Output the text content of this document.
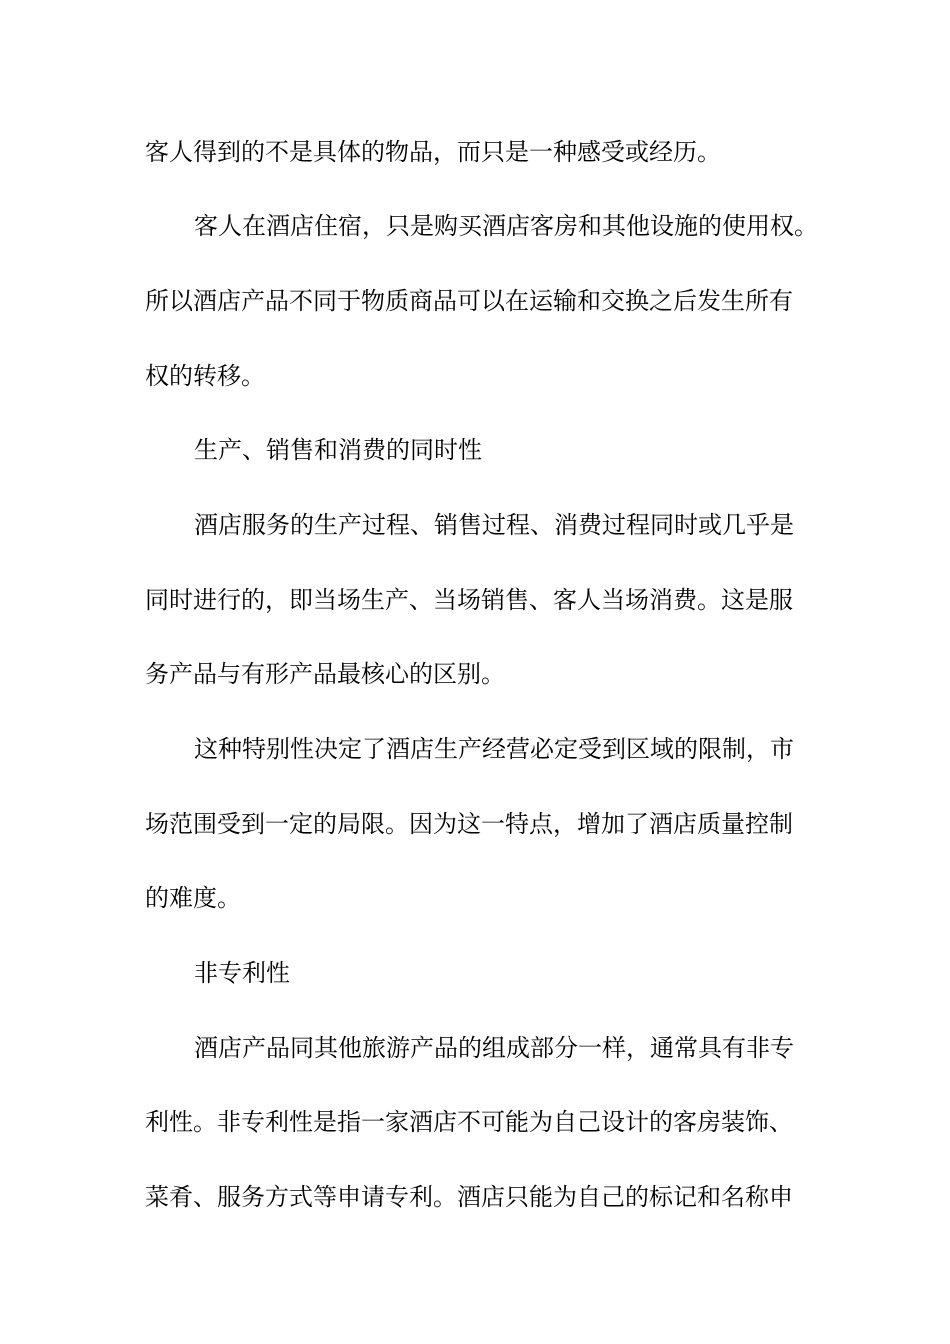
客人得到的不是具体的物品，而只是一种感受或经历。
客人在酒店住宿，只是购买酒店客房和其他设施的使用权。
所以酒店产品不同于物质商品可以在运输和交换之后发生所有
权的转移。
生产、销售和消费的同时性
酒店服务的生产过程、销售过程、消费过程同时或几乎是
同时进行的，即当场生产、当场销售、客人当场消费。这是服
务产品与有形产品最核心的区别。
这种特别性决定了酒店生产经营必定受到区域的限制，市
场范围受到一定的局限。因为这一特点，增加了酒店质量控制
的难度。
非专利性
酒店产品同其他旅游产品的组成部分一样，通常具有非专
利性。非专利性是指一家酒店不可能为自己设计的客房装饰、
菜肴、服务方式等申请专利。酒店只能为自己的标记和名称申
